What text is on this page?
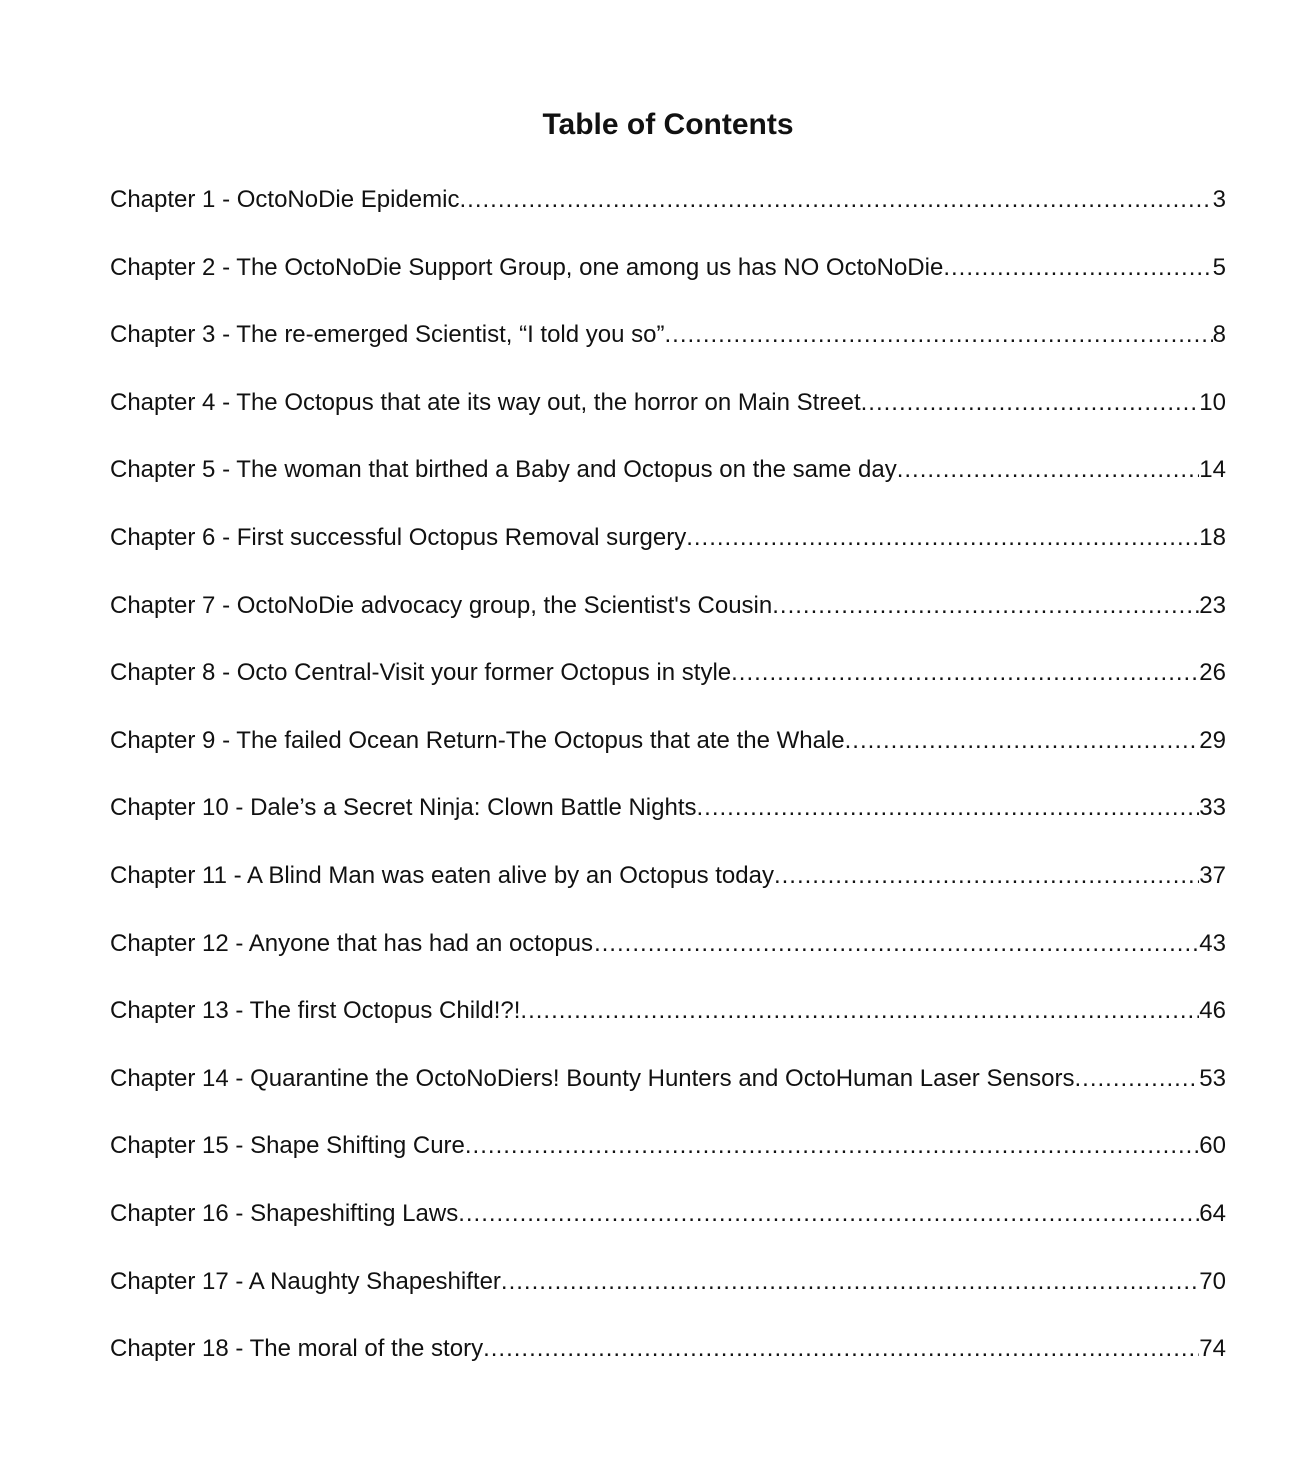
Table of Contents
Chapter 1 - OctoNoDie Epidemic .....	3
Chapter 2 - The OctoNoDie Support Group, one among us has NO OctoNoDie .....	5
Chapter 3 - The re-emerged Scientist, “I told you so” .....	8
Chapter 4 - The Octopus that ate its way out, the horror on Main Street .....	10
Chapter 5 - The woman that birthed a Baby and Octopus on the same day .....	14
Chapter 6 - First successful Octopus Removal surgery .....	18
Chapter 7 - OctoNoDie advocacy group, the Scientist's Cousin .....	23
Chapter 8 - Octo Central-Visit your former Octopus in style .....	26
Chapter 9 - The failed Ocean Return-The Octopus that ate the Whale .....	29
Chapter 10 - Dale’s a Secret Ninja: Clown Battle Nights .....	33
Chapter 11 - A Blind Man was eaten alive by an Octopus today .....	37
Chapter 12 - Anyone that has had an octopus… .....	43
Chapter 13 - The first Octopus Child!?! .....	46
Chapter 14 - Quarantine the OctoNoDiers! Bounty Hunters and OctoHuman Laser Sensors .....	53
Chapter 15 - Shape Shifting Cure .....	60
Chapter 16 - Shapeshifting Laws .....	64
Chapter 17 - A Naughty Shapeshifter .....	70
Chapter 18 - The moral of the story .....	74
